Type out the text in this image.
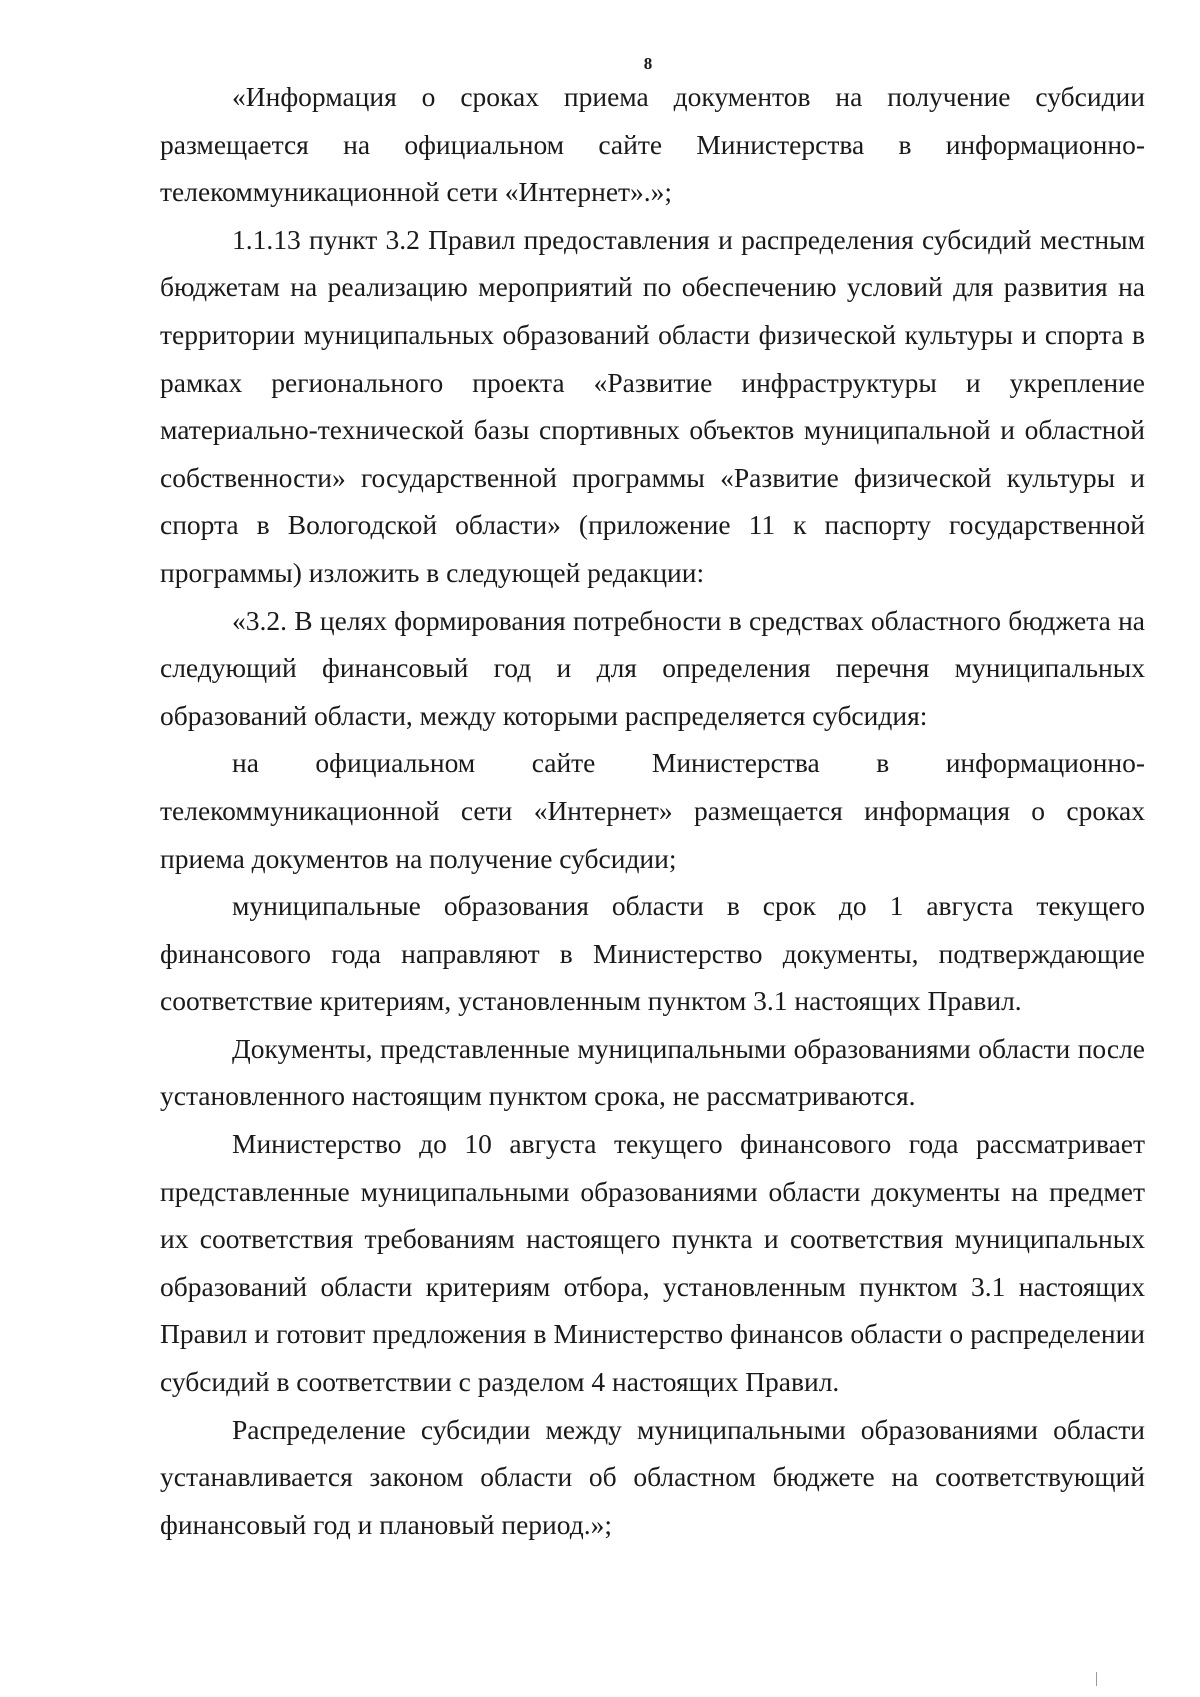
8

«Информация о сроках приема документов на получение субсидии размещается на официальном сайте Министерства в информационно-телекоммуникационной сети «Интернет».»;

1.1.13 пункт 3.2 Правил предоставления и распределения субсидий местным бюджетам на реализацию мероприятий по обеспечению условий для развития на территории муниципальных образований области физической культуры и спорта в рамках регионального проекта «Развитие инфраструктуры и укрепление материально-технической базы спортивных объектов муниципальной и областной собственности» государственной программы «Развитие физической культуры и спорта в Вологодской области» (приложение 11 к паспорту государственной программы) изложить в следующей редакции:

«3.2. В целях формирования потребности в средствах областного бюджета на следующий финансовый год и для определения перечня муниципальных образований области, между которыми распределяется субсидия:

на официальном сайте Министерства в информационно-телекоммуникационной сети «Интернет» размещается информация о сроках приема документов на получение субсидии;

муниципальные образования области в срок до 1 августа текущего финансового года направляют в Министерство документы, подтверждающие соответствие критериям, установленным пунктом 3.1 настоящих Правил.

Документы, представленные муниципальными образованиями области после установленного настоящим пунктом срока, не рассматриваются.

Министерство до 10 августа текущего финансового года рассматривает представленные муниципальными образованиями области документы на предмет их соответствия требованиям настоящего пункта и соответствия муниципальных образований области критериям отбора, установленным пунктом 3.1 настоящих Правил и готовит предложения в Министерство финансов области о распределении субсидий в соответствии с разделом 4 настоящих Правил.

Распределение субсидии между муниципальными образованиями области устанавливается законом области об областном бюджете на соответствующий финансовый год и плановый период.»;
